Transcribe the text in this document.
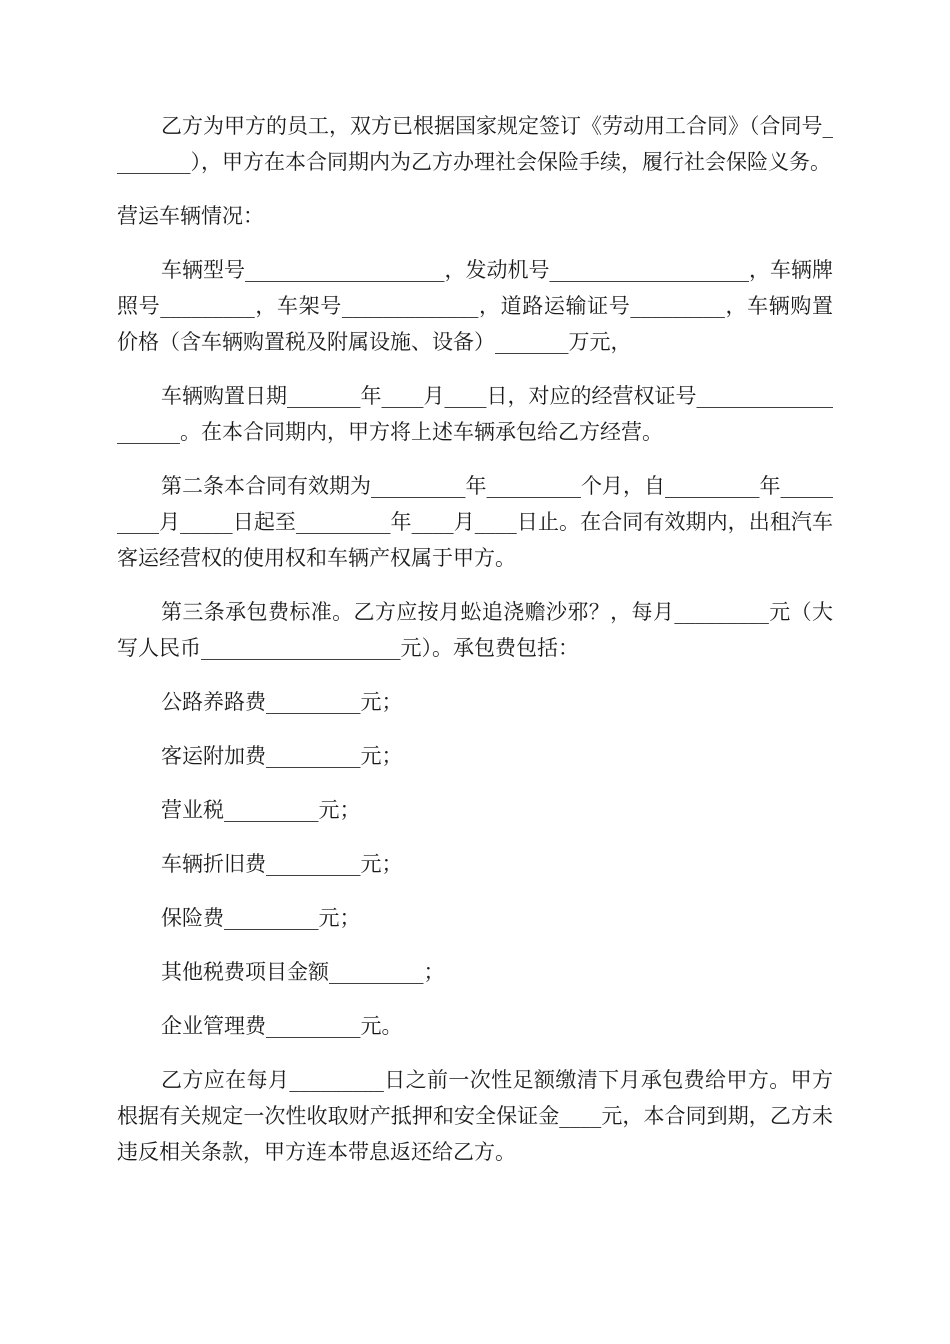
乙方为甲方的员工，双方已根据国家规定签订《劳动用工合同》（合同号________），甲方在本合同期内为乙方办理社会保险手续，履行社会保险义务。

营运车辆情况：

车辆型号___________________，发动机号___________________，车辆牌照号_________，车架号_____________，道路运输证号_________，车辆购置价格（含车辆购置税及附属设施、设备）_______万元，

车辆购置日期_______年____月____日，对应的经营权证号___________________。在本合同期内，甲方将上述车辆承包给乙方经营。

第二条本合同有效期为_________年_________个月，自_________年_________月_____日起至_________年____月____日止。在合同有效期内，出租汽车客运经营权的使用权和车辆产权属于甲方。

第三条承包费标准。乙方应按月蚣追浇赡沙邪？，每月_________元（大写人民币___________________元）。承包费包括：

公路养路费_________元；
客运附加费_________元；
营业税_________元；
车辆折旧费_________元；
保险费_________元；
其他税费项目金额_________；
企业管理费_________元。

乙方应在每月_________日之前一次性足额缴清下月承包费给甲方。甲方根据有关规定一次性收取财产抵押和安全保证金____元，本合同到期，乙方未违反相关条款，甲方连本带息返还给乙方。
